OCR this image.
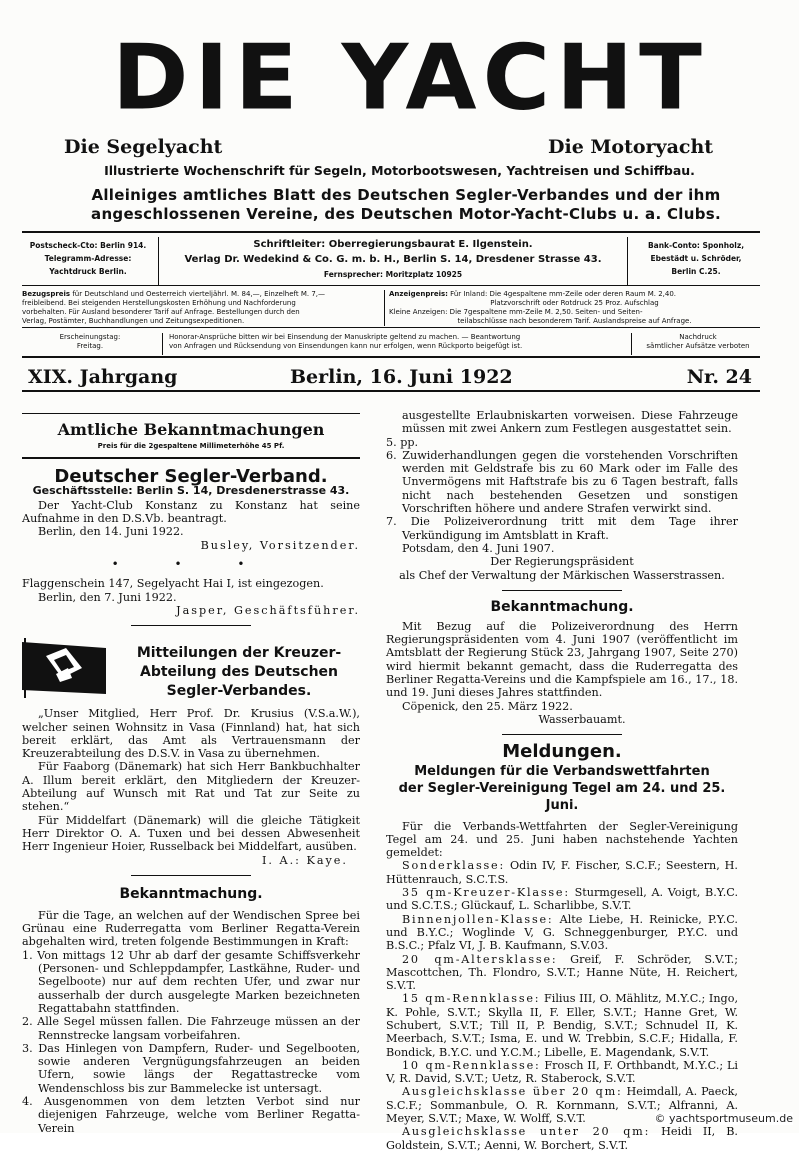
DIE YACHT
Die Segelyacht	Die Motoryacht
Illustrierte Wochenschrift für Segeln, Motorbootswesen, Yachtreisen und Schiffbau.
Alleiniges amtliches Blatt des Deutschen Segler-Verbandes und der ihm
angeschlossenen Vereine, des Deutschen Motor-Yacht-Clubs u. a. Clubs.
Postscheck-Cto: Berlin 914.
Telegramm-Adresse:
Yachtdruck Berlin.
Schriftleiter: Oberregierungsbaurat E. Ilgenstein.
Verlag Dr. Wedekind & Co. G. m. b. H., Berlin S. 14, Dresdener Strasse 43.
Fernsprecher: Moritzplatz 10925
Bank-Conto: Sponholz,
Ebestädt u. Schröder,
Berlin C.25.
Bezugspreis für Deutschland und Oesterreich vierteljährl. M. 84,—, Einzelheft M. 7,—
freibleibend. Bei steigenden Herstellungskosten Erhöhung und Nachforderung
vorbehalten. Für Ausland besonderer Tarif auf Anfrage. Bestellungen durch den
Verlag, Postämter, Buchhandlungen und Zeitungsexpeditionen.
Anzeigenpreis: Für Inland: Die 4gespaltene mm-Zeile oder deren Raum M. 2,40.
Platzvorschrift oder Rotdruck 25 Proz. Aufschlag
Kleine Anzeigen: Die 7gespaltene mm-Zeile M. 2,50. Seiten- und Seiten-
teilabschlüsse nach besonderem Tarif. Auslandspreise auf Anfrage.
Erscheinungstag:
Freitag.
Honorar-Ansprüche bitten wir bei Einsendung der Manuskripte geltend zu machen. — Beantwortung
von Anfragen und Rücksendung von Einsendungen kann nur erfolgen, wenn Rückporto beigefügt ist.
Nachdruck
sämtlicher Aufsätze verboten
XIX. Jahrgang	Berlin, 16. Juni 1922	Nr. 24
Amtliche Bekanntmachungen
Preis für die 2gespaltene Millimeterhöhe 45 Pf.
Deutscher Segler-Verband.
Geschäftsstelle: Berlin S. 14, Dresdenerstrasse 43.

Der Yacht-Club Konstanz zu Konstanz hat seine Aufnahme in den D.S.Vb. beantragt.

Berlin, den 14. Juni 1922.

Busley, Vorsitzender.

• • •

Flaggenschein 147, Segelyacht Hai I, ist eingezogen.

Berlin, den 7. Juni 1922.

Jasper, Geschäftsführer.

Mitteilungen der Kreuzer-Abteilung des Deutschen Segler-Verbandes.

„Unser Mitglied, Herr Prof. Dr. Krusius (V.S.a.W.), welcher seinen Wohnsitz in Vasa (Finnland) hat, hat sich bereit erklärt, das Amt als Vertrauensmann der Kreuzerabteilung des D.S.V. in Vasa zu übernehmen.

Für Faaborg (Dänemark) hat sich Herr Bankbuchhalter A. Illum bereit erklärt, den Mitgliedern der Kreuzer-Abteilung auf Wunsch mit Rat und Tat zur Seite zu stehen.“

Für Middelfart (Dänemark) will die gleiche Tätigkeit Herr Direktor O. A. Tuxen und bei dessen Abwesenheit Herr Ingenieur Hoier, Russelback bei Middelfart, ausüben.

I. A.: Kaye.

Bekanntmachung.

Für die Tage, an welchen auf der Wendischen Spree bei Grünau eine Ruderregatta vom Berliner Regatta-Verein abgehalten wird, treten folgende Bestimmungen in Kraft:

1. Von mittags 12 Uhr ab darf der gesamte Schiffsverkehr (Personen- und Schleppdampfer, Lastkähne, Ruder- und Segelboote) nur auf dem rechten Ufer, und zwar nur ausserhalb der durch ausgelegte Marken bezeichneten Regattabahn stattfinden.
2. Alle Segel müssen fallen. Die Fahrzeuge müssen an der Rennstrecke langsam vorbeifahren.
3. Das Hinlegen von Dampfern, Ruder- und Segelbooten, sowie anderen Vergnügungsfahrzeugen an beiden Ufern, sowie längs der Regattastrecke vom Wendenschloss bis zur Bammelecke ist untersagt.
4. Ausgenommen von dem letzten Verbot sind nur diejenigen Fahrzeuge, welche vom Berliner Regatta-Verein

ausgestellte Erlaubniskarten vorweisen. Diese Fahrzeuge müssen mit zwei Ankern zum Festlegen ausgestattet sein.

5. pp.
6. Zuwiderhandlungen gegen die vorstehenden Vorschriften werden mit Geldstrafe bis zu 60 Mark oder im Falle des Unvermögens mit Haftstrafe bis zu 6 Tagen bestraft, falls nicht nach bestehenden Gesetzen und sonstigen Vorschriften höhere und andere Strafen verwirkt sind.
7. Die Polizeiverordnung tritt mit dem Tage ihrer Verkündigung im Amtsblatt in Kraft.

Potsdam, den 4. Juni 1907.

Der Regierungspräsident

als Chef der Verwaltung der Märkischen Wasserstrassen.

Bekanntmachung.

Mit Bezug auf die Polizeiverordnung des Herrn Regierungspräsidenten vom 4. Juni 1907 (veröffentlicht im Amtsblatt der Regierung Stück 23, Jahrgang 1907, Seite 270) wird hiermit bekannt gemacht, dass die Ruderregatta des Berliner Regatta-Vereins und die Kampfspiele am 16., 17., 18. und 19. Juni dieses Jahres stattfinden.

Cöpenick, den 25. März 1922.

Wasserbauamt.

Meldungen.
Meldungen für die Verbandswettfahrten
der Segler-Vereinigung Tegel am 24. und 25. Juni.

Für die Verbands-Wettfahrten der Segler-Vereinigung Tegel am 24. und 25. Juni haben nachstehende Yachten gemeldet:

Sonderklasse: Odin IV, F. Fischer, S.C.F.; Seestern, H. Hüttenrauch, S.C.T.S.

35 qm-Kreuzer-Klasse: Sturmgesell, A. Voigt, B.Y.C. und S.C.T.S.; Glückauf, L. Scharlibbe, S.V.T.

Binnenjollen-Klasse: Alte Liebe, H. Reinicke, P.Y.C. und B.Y.C.; Woglinde V, G. Schneggenburger, P.Y.C. und B.S.C.; Pfalz VI, J. B. Kaufmann, S.V.03.

20 qm-Altersklasse: Greif, F. Schröder, S.V.T.; Mascottchen, Th. Flondro, S.V.T.; Hanne Nüte, H. Reichert, S.V.T.

15 qm-Rennklasse: Filius III, O. Mählitz, M.Y.C.; Ingo, K. Pohle, S.V.T.; Skylla II, F. Eller, S.V.T.; Hanne Gret, W. Schubert, S.V.T.; Till II, P. Bendig, S.V.T.; Schnudel II, K. Meerbach, S.V.T.; Isma, E. und W. Trebbin, S.C.F.; Hidalla, F. Bondick, B.Y.C. und Y.C.M.; Libelle, E. Magendank, S.V.T.

10 qm-Rennklasse: Frosch II, F. Orthbandt, M.Y.C.; Li V, R. David, S.V.T.; Uetz, R. Staberock, S.V.T.

Ausgleichsklasse über 20 qm: Heimdall, A. Paeck, S.C.F.; Sommanbule, O. R. Kornmann, S.V.T.; Alfranni, A. Meyer, S.V.T.; Maxe, W. Wolff, S.V.T.

Ausgleichsklasse unter 20 qm: Heidi II, B. Goldstein, S.V.T.; Aenni, W. Borchert, S.V.T.

© yachtsportmuseum.de
